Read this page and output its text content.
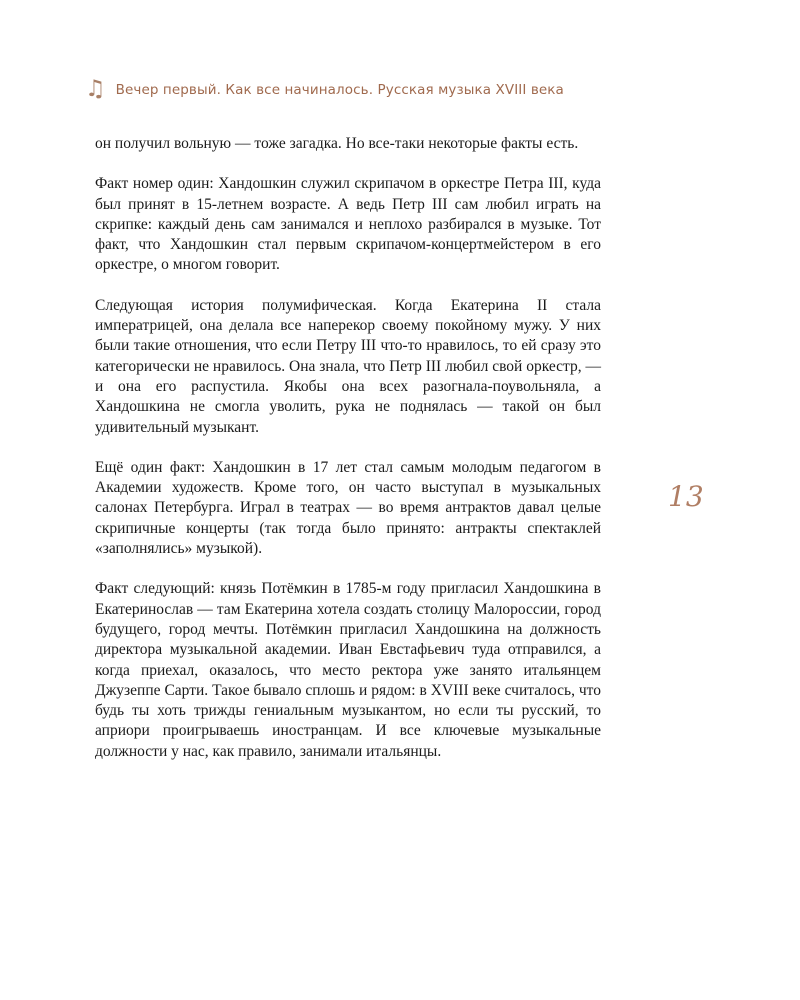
♫ Вечер первый. Как все начиналось. Русская музыка XVIII века

он получил вольную — тоже загадка. Но все-таки некоторые факты есть.

Факт номер один: Хандошкин служил скрипачом в оркестре Петра III, куда был принят в 15-летнем возрасте. А ведь Петр III сам любил играть на скрипке: каждый день сам занимался и неплохо разбирался в музыке. Тот факт, что Хандошкин стал первым скрипачом-концертмейстером в его оркестре, о многом говорит.

Следующая история полумифическая. Когда Екатерина II стала императрицей, она делала все наперекор своему покойному мужу. У них были такие отношения, что если Петру III что-то нравилось, то ей сразу это категорически не нравилось. Она знала, что Петр III любил свой оркестр, — и она его распустила. Якобы она всех разогнала-поувольняла, а Хандошкина не смогла уволить, рука не поднялась — такой он был удивительный музыкант.

Ещё один факт: Хандошкин в 17 лет стал самым молодым педагогом в Академии художеств. Кроме того, он часто выступал в музыкальных салонах Петербурга. Играл в театрах — во время антрактов давал целые скрипичные концерты (так тогда было принято: антракты спектаклей «заполнялись» музыкой).

Факт следующий: князь Потёмкин в 1785-м году пригласил Хандошкина в Екатеринослав — там Екатерина хотела создать столицу Малороссии, город будущего, город мечты. Потёмкин пригласил Хандошкина на должность директора музыкальной академии. Иван Евстафьевич туда отправился, а когда приехал, оказалось, что место ректора уже занято итальянцем Джузеппе Сарти. Такое бывало сплошь и рядом: в XVIII веке считалось, что будь ты хоть трижды гениальным музыкантом, но если ты русский, то априори проигрываешь иностранцам. И все ключевые музыкальные должности у нас, как правило, занимали итальянцы.

13
